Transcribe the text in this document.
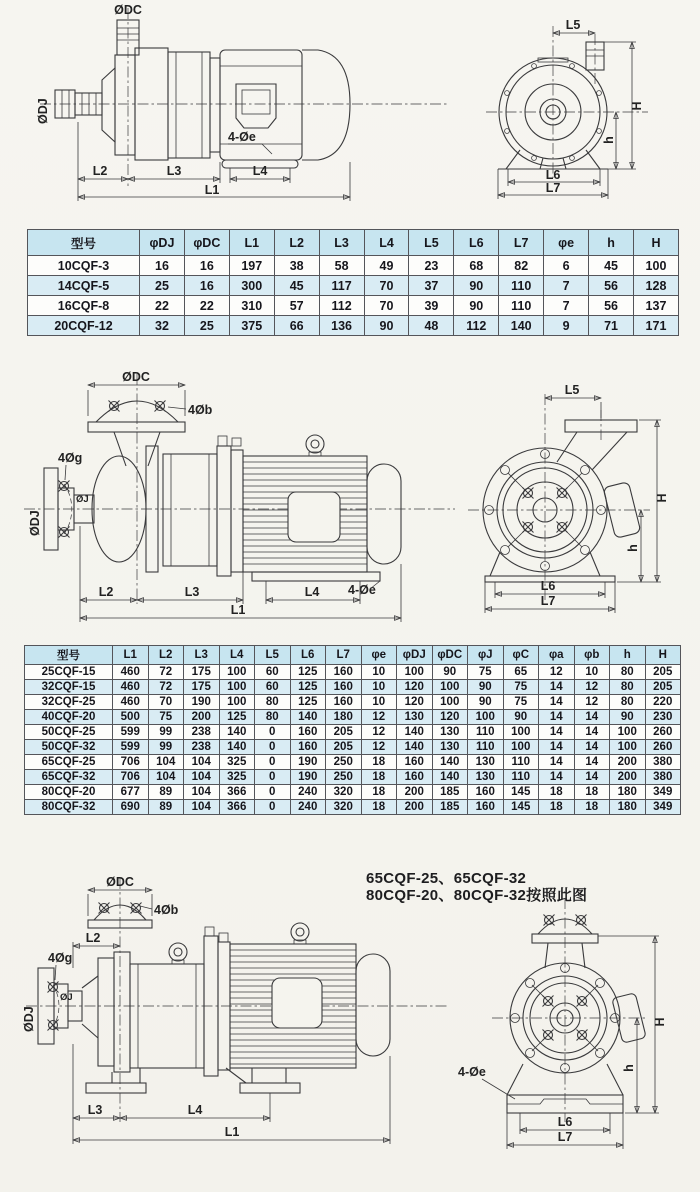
ØDJ
ØDC
4-Øe
L2	L3	L4
L1
L5
L6
L7
H
h
型号	φDJ	φDC	L1	L2	L3	L4	L5	L6	L7	φe	h	H
10CQF-3	16	16	197	38	58	49	23	68	82	6	45	100
14CQF-5	25	16	300	45	117	70	37	90	110	7	56	128
16CQF-8	22	22	310	57	112	70	39	90	110	7	56	137
20CQF-12	32	25	375	66	136	90	48	112	140	9	71	171
ØDC
4Øb
4Øg
ØJ
ØDJ
4-Øe
L2	L3	L4
L1
L5
L6
L7
H
h
型号	L1	L2	L3	L4	L5	L6	L7	φe	φDJ	φDC	φJ	φC	φa	φb	h	H
25CQF-15	460	72	175	100	60	125	160	10	100	90	75	65	12	10	80	205
32CQF-15	460	72	175	100	60	125	160	10	120	100	90	75	14	12	80	205
32CQF-25	460	70	190	100	80	125	160	10	120	100	90	75	14	12	80	220
40CQF-20	500	75	200	125	80	140	180	12	130	120	100	90	14	14	90	230
50CQF-25	599	99	238	140	0	160	205	12	140	130	110	100	14	14	100	260
50CQF-32	599	99	238	140	0	160	205	12	140	130	110	100	14	14	100	260
65CQF-25	706	104	104	325	0	190	250	18	160	140	130	110	14	14	200	380
65CQF-32	706	104	104	325	0	190	250	18	160	140	130	110	14	14	200	380
80CQF-20	677	89	104	366	0	240	320	18	200	185	160	145	18	18	180	349
80CQF-32	690	89	104	366	0	240	320	18	200	185	160	145	18	18	180	349
65CQF-25、65CQF-32
80CQF-20、80CQF-32按照此图
ØDC
4Øb
L2
4Øg
ØJ
ØDJ
L3	L4
L1
4-Øe
L6
L7
H
h
